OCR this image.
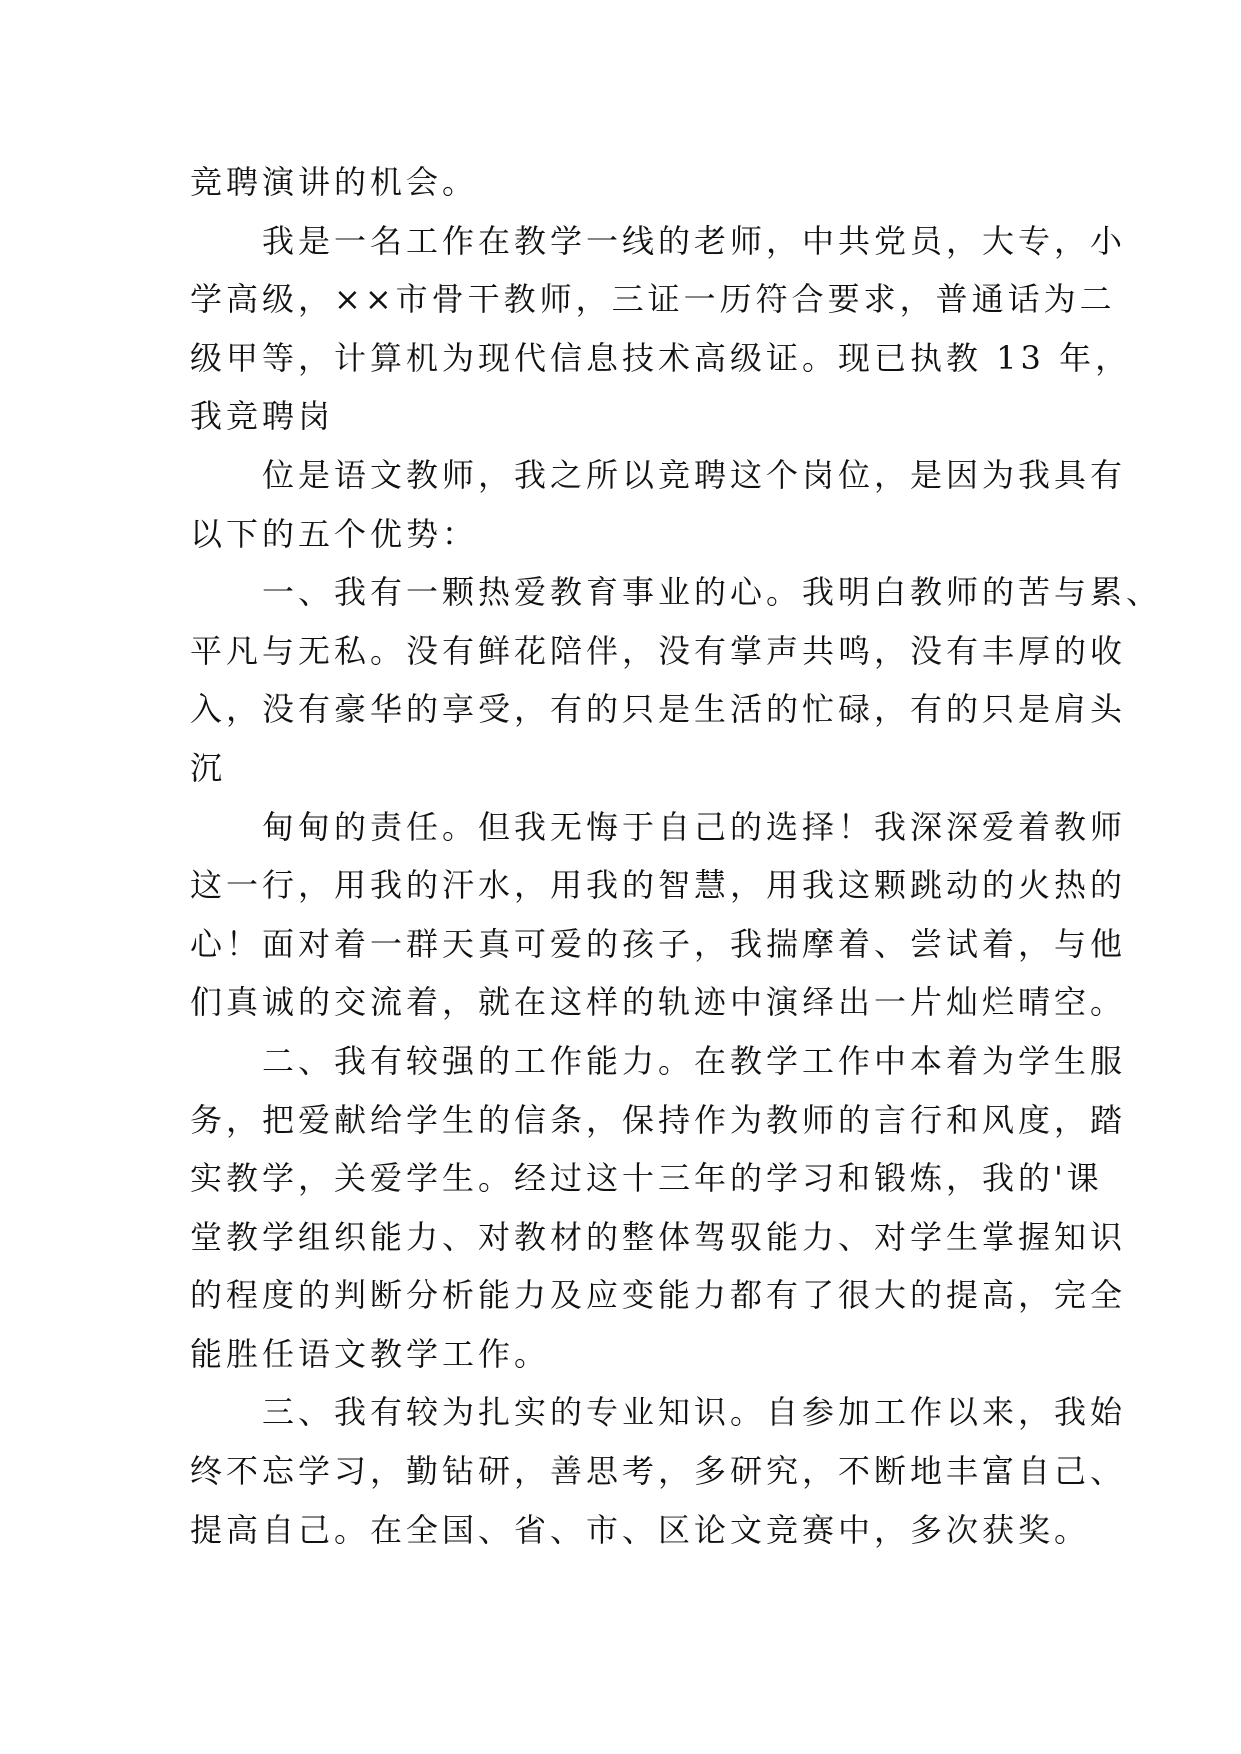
竞聘演讲的机会。

我是一名工作在教学一线的老师，中共党员，大专，小

学高级，××市骨干教师，三证一历符合要求，普通话为二

级甲等，计算机为现代信息技术高级证。现已执教 13 年，

我竞聘岗

位是语文教师，我之所以竞聘这个岗位，是因为我具有

以下的五个优势：

一、我有一颗热爱教育事业的心。我明白教师的苦与累、

平凡与无私。没有鲜花陪伴，没有掌声共鸣，没有丰厚的收

入，没有豪华的享受，有的只是生活的忙碌，有的只是肩头

沉

甸甸的责任。但我无悔于自己的选择！我深深爱着教师

这一行，用我的汗水，用我的智慧，用我这颗跳动的火热的

心！面对着一群天真可爱的孩子，我揣摩着、尝试着，与他

们真诚的交流着，就在这样的轨迹中演绎出一片灿烂晴空。

二、我有较强的工作能力。在教学工作中本着为学生服

务，把爱献给学生的信条，保持作为教师的言行和风度，踏

实教学，关爱学生。经过这十三年的学习和锻炼，我的'课

堂教学组织能力、对教材的整体驾驭能力、对学生掌握知识

的程度的判断分析能力及应变能力都有了很大的提高，完全

能胜任语文教学工作。

三、我有较为扎实的专业知识。自参加工作以来，我始

终不忘学习，勤钻研，善思考，多研究，不断地丰富自己、

提高自己。在全国、省、市、区论文竞赛中，多次获奖。
